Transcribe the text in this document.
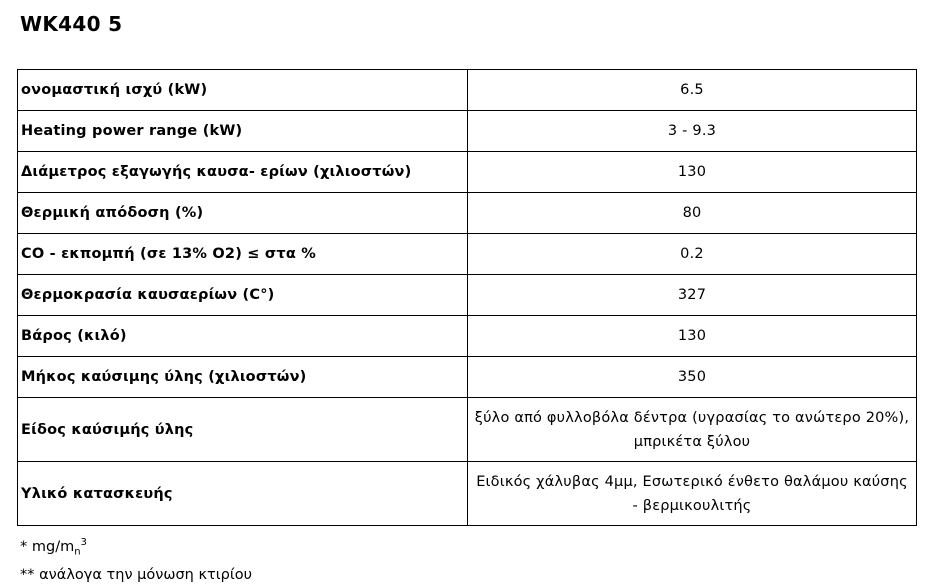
WK440 5
ονομαστική ισχύ (kW)	6.5
Heating power range (kW)	3 - 9.3
Διάμετρος εξαγωγής καυσα- ερίων (χιλιοστών)	130
Θερμική απόδοση (%)	80
CO - εκπομπή (σε 13% O2) ≤ στα %	0.2
Θερμοκρασία καυσαερίων (C°)	327
Βάρος (κιλό)	130
Μήκος καύσιμης ύλης (χιλιοστών)	350
Είδος καύσιμής ύλης	ξύλο από φυλλοβόλα δέντρα (υγρασίας το ανώτερο 20%),
μπρικέτα ξύλου
Υλικό κατασκευής	Ειδικός χάλυβας 4μμ, Εσωτερικό ένθετο θαλάμου καύσης
- βερμικουλιτής
* $mg/m_n^3$
** ανάλογα την μόνωση κτιρίου
